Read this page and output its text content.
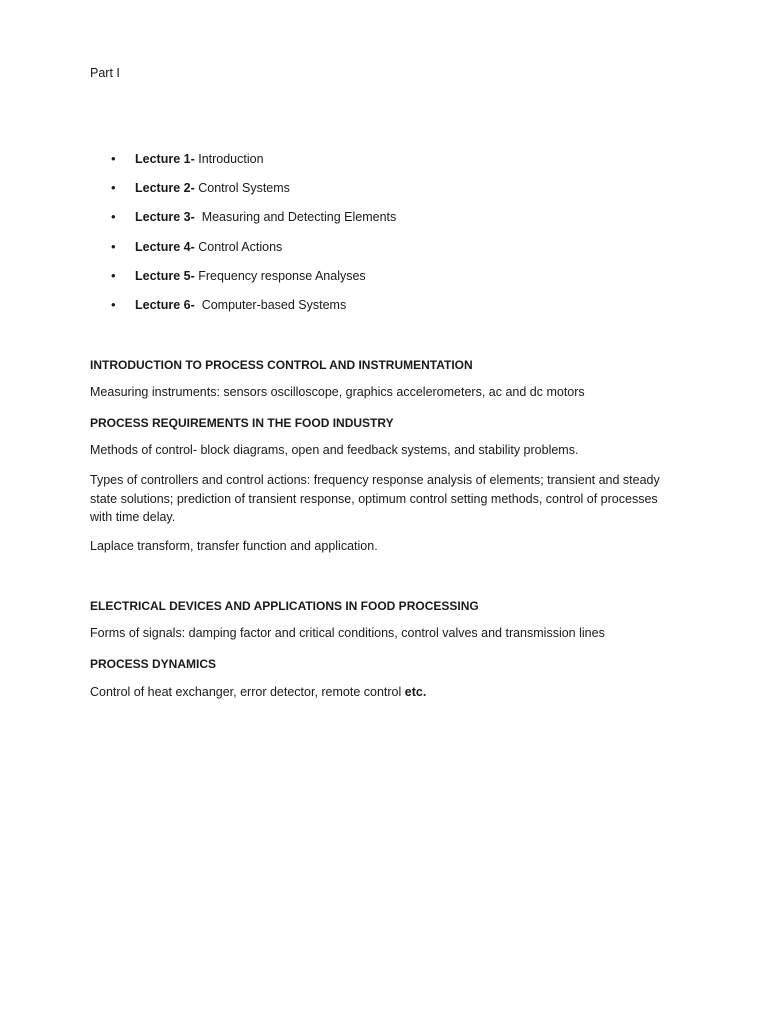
Part I
• Lecture 1- Introduction
• Lecture 2- Control Systems
• Lecture 3-  Measuring and Detecting Elements
• Lecture 4- Control Actions
• Lecture 5- Frequency response Analyses
• Lecture 6-  Computer-based Systems
INTRODUCTION TO PROCESS CONTROL AND INSTRUMENTATION
Measuring instruments: sensors oscilloscope, graphics accelerometers, ac and dc motors
PROCESS REQUIREMENTS IN THE FOOD INDUSTRY
Methods of control- block diagrams, open and feedback systems, and stability problems.
Types of controllers and control actions: frequency response analysis of elements; transient and steady state solutions; prediction of transient response, optimum control setting methods, control of processes with time delay.
Laplace transform, transfer function and application.
ELECTRICAL DEVICES AND APPLICATIONS IN FOOD PROCESSING
Forms of signals: damping factor and critical conditions, control valves and transmission lines
PROCESS DYNAMICS
Control of heat exchanger, error detector, remote control etc.
